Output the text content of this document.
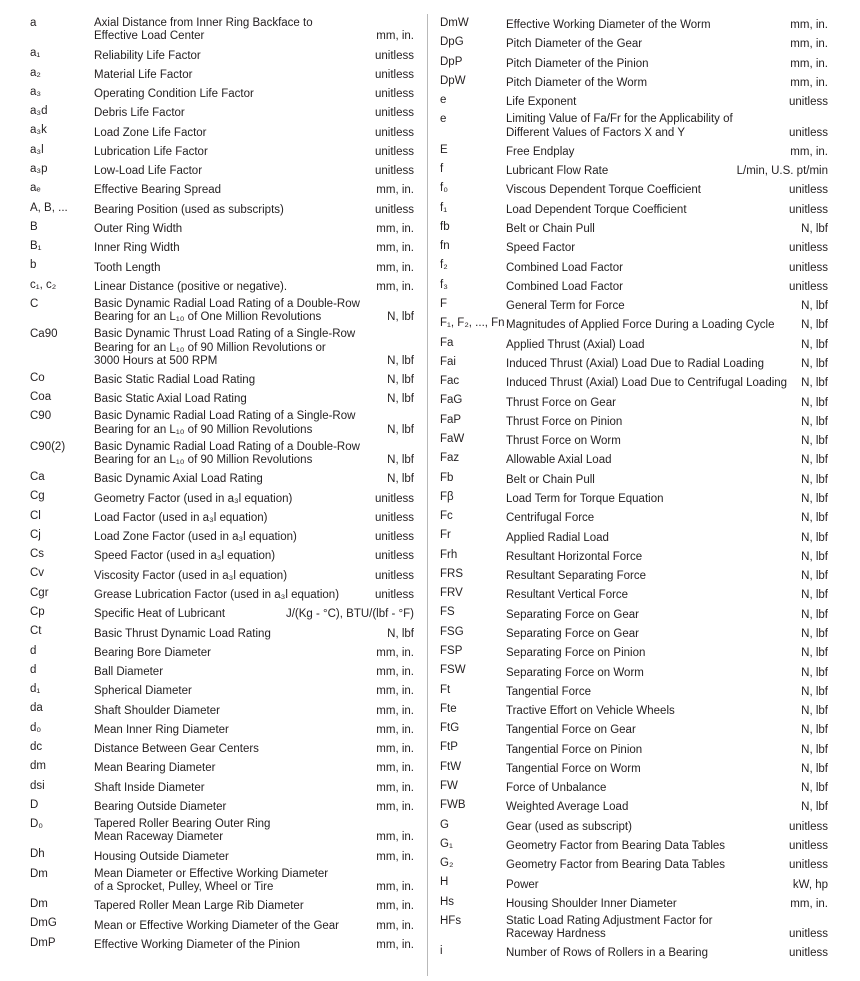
a	Axial Distance from Inner Ring Backface to
Effective Load Center	mm, in.
a₁	Reliability Life Factor	unitless
a₂	Material Life Factor	unitless
a₃	Operating Condition Life Factor	unitless
a₃d	Debris Life Factor	unitless
a₃k	Load Zone Life Factor	unitless
a₃l	Lubrication Life Factor	unitless
a₃p	Low-Load Life Factor	unitless
aₑ	Effective Bearing Spread	mm, in.
A, B, ...	Bearing Position (used as subscripts)	unitless
B	Outer Ring Width	mm, in.
B₁	Inner Ring Width	mm, in.
b	Tooth Length	mm, in.
c₁, c₂	Linear Distance (positive or negative).	mm, in.
C	Basic Dynamic Radial Load Rating of a Double-Row
Bearing for an L₁₀ of One Million Revolutions	N, lbf
Ca90	Basic Dynamic Thrust Load Rating of a Single-Row
Bearing for an L₁₀ of 90 Million Revolutions or
3000 Hours at 500 RPM	N, lbf
Co	Basic Static Radial Load Rating	N, lbf
Coa	Basic Static Axial Load Rating	N, lbf
C90	Basic Dynamic Radial Load Rating of a Single-Row
Bearing for an L₁₀ of 90 Million Revolutions	N, lbf
C90(2)	Basic Dynamic Radial Load Rating of a Double-Row
Bearing for an L₁₀ of 90 Million Revolutions	N, lbf
Ca	Basic Dynamic Axial Load Rating	N, lbf
Cg	Geometry Factor (used in a₃l equation)	unitless
Cl	Load Factor (used in a₃l equation)	unitless
Cj	Load Zone Factor (used in a₃l equation)	unitless
Cs	Speed Factor (used in a₃l equation)	unitless
Cv	Viscosity Factor (used in a₃l equation)	unitless
Cgr	Grease Lubrication Factor (used in a₃l equation)	unitless
Cp	Specific Heat of Lubricant	J/(Kg - °C), BTU/(lbf - °F)
Ct	Basic Thrust Dynamic Load Rating	N, lbf
d	Bearing Bore Diameter	mm, in.
d	Ball Diameter	mm, in.
d₁	Spherical Diameter	mm, in.
da	Shaft Shoulder Diameter	mm, in.
d₀	Mean Inner Ring Diameter	mm, in.
dc	Distance Between Gear Centers	mm, in.
dm	Mean Bearing Diameter	mm, in.
dsi	Shaft Inside Diameter	mm, in.
D	Bearing Outside Diameter	mm, in.
D₀	Tapered Roller Bearing Outer Ring
Mean Raceway Diameter	mm, in.
Dh	Housing Outside Diameter	mm, in.
Dm	Mean Diameter or Effective Working Diameter
of a Sprocket, Pulley, Wheel or Tire	mm, in.
Dm	Tapered Roller Mean Large Rib Diameter	mm, in.
DmG	Mean or Effective Working Diameter of the Gear	mm, in.
DmP	Effective Working Diameter of the Pinion	mm, in.
DmW	Effective Working Diameter of the Worm	mm, in.
DpG	Pitch Diameter of the Gear	mm, in.
DpP	Pitch Diameter of the Pinion	mm, in.
DpW	Pitch Diameter of the Worm	mm, in.
e	Life Exponent	unitless
e	Limiting Value of Fa/Fr for the Applicability of
Different Values of Factors X and Y	unitless
E	Free Endplay	mm, in.
f	Lubricant Flow Rate	L/min, U.S. pt/min
f₀	Viscous Dependent Torque Coefficient	unitless
f₁	Load Dependent Torque Coefficient	unitless
fb	Belt or Chain Pull	N, lbf
fn	Speed Factor	unitless
f₂	Combined Load Factor	unitless
f₃	Combined Load Factor	unitless
F	General Term for Force	N, lbf
F₁, F₂, ..., Fn Magnitudes of Applied Force During a Loading Cycle	N, lbf
Fa	Applied Thrust (Axial) Load	N, lbf
Fai	Induced Thrust (Axial) Load Due to Radial Loading	N, lbf
Fac	Induced Thrust (Axial) Load Due to Centrifugal Loading	N, lbf
FaG	Thrust Force on Gear	N, lbf
FaP	Thrust Force on Pinion	N, lbf
FaW	Thrust Force on Worm	N, lbf
Faz	Allowable Axial Load	N, lbf
Fb	Belt or Chain Pull	N, lbf
Fβ	Load Term for Torque Equation	N, lbf
Fc	Centrifugal Force	N, lbf
Fr	Applied Radial Load	N, lbf
Frh	Resultant Horizontal Force	N, lbf
FRS	Resultant Separating Force	N, lbf
FRV	Resultant Vertical Force	N, lbf
FS	Separating Force on Gear	N, lbf
FSG	Separating Force on Gear	N, lbf
FSP	Separating Force on Pinion	N, lbf
FSW	Separating Force on Worm	N, lbf
Ft	Tangential Force	N, lbf
Fte	Tractive Effort on Vehicle Wheels	N, lbf
FtG	Tangential Force on Gear	N, lbf
FtP	Tangential Force on Pinion	N, lbf
FtW	Tangential Force on Worm	N, lbf
FW	Force of Unbalance	N, lbf
FWB	Weighted Average Load	N, lbf
G	Gear (used as subscript)	unitless
G₁	Geometry Factor from Bearing Data Tables	unitless
G₂	Geometry Factor from Bearing Data Tables	unitless
H	Power	kW, hp
Hs	Housing Shoulder Inner Diameter	mm, in.
HFs	Static Load Rating Adjustment Factor for
Raceway Hardness	unitless
i	Number of Rows of Rollers in a Bearing	unitless
